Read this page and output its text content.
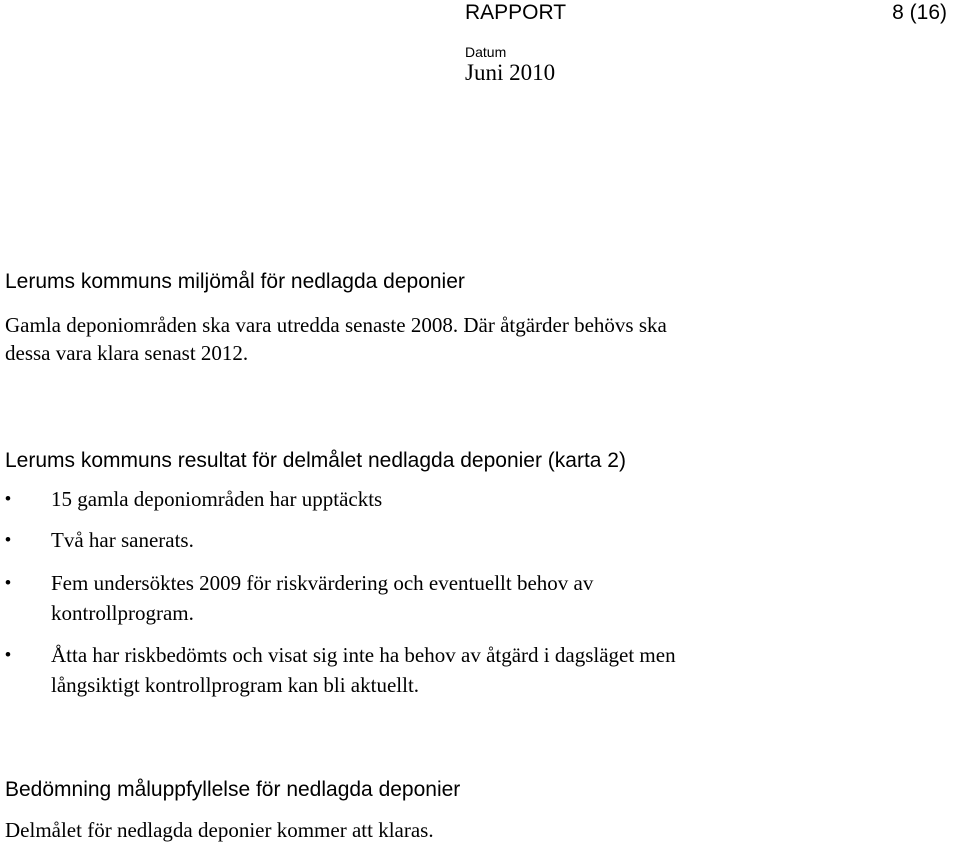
RAPPORT	8 (16)
Datum
Juni 2010
Lerums kommuns miljömål för nedlagda deponier
Gamla deponiområden ska vara utredda senaste 2008. Där åtgärder behövs ska
dessa vara klara senast 2012.
Lerums kommuns resultat för delmålet nedlagda deponier (karta 2)
• 15 gamla deponiområden har upptäckts
• Två har sanerats.
• Fem undersöktes 2009 för riskvärdering och eventuellt behov av
kontrollprogram.
• Åtta har riskbedömts och visat sig inte ha behov av åtgärd i dagsläget men
långsiktigt kontrollprogram kan bli aktuellt.
Bedömning måluppfyllelse för nedlagda deponier
Delmålet för nedlagda deponier kommer att klaras.
